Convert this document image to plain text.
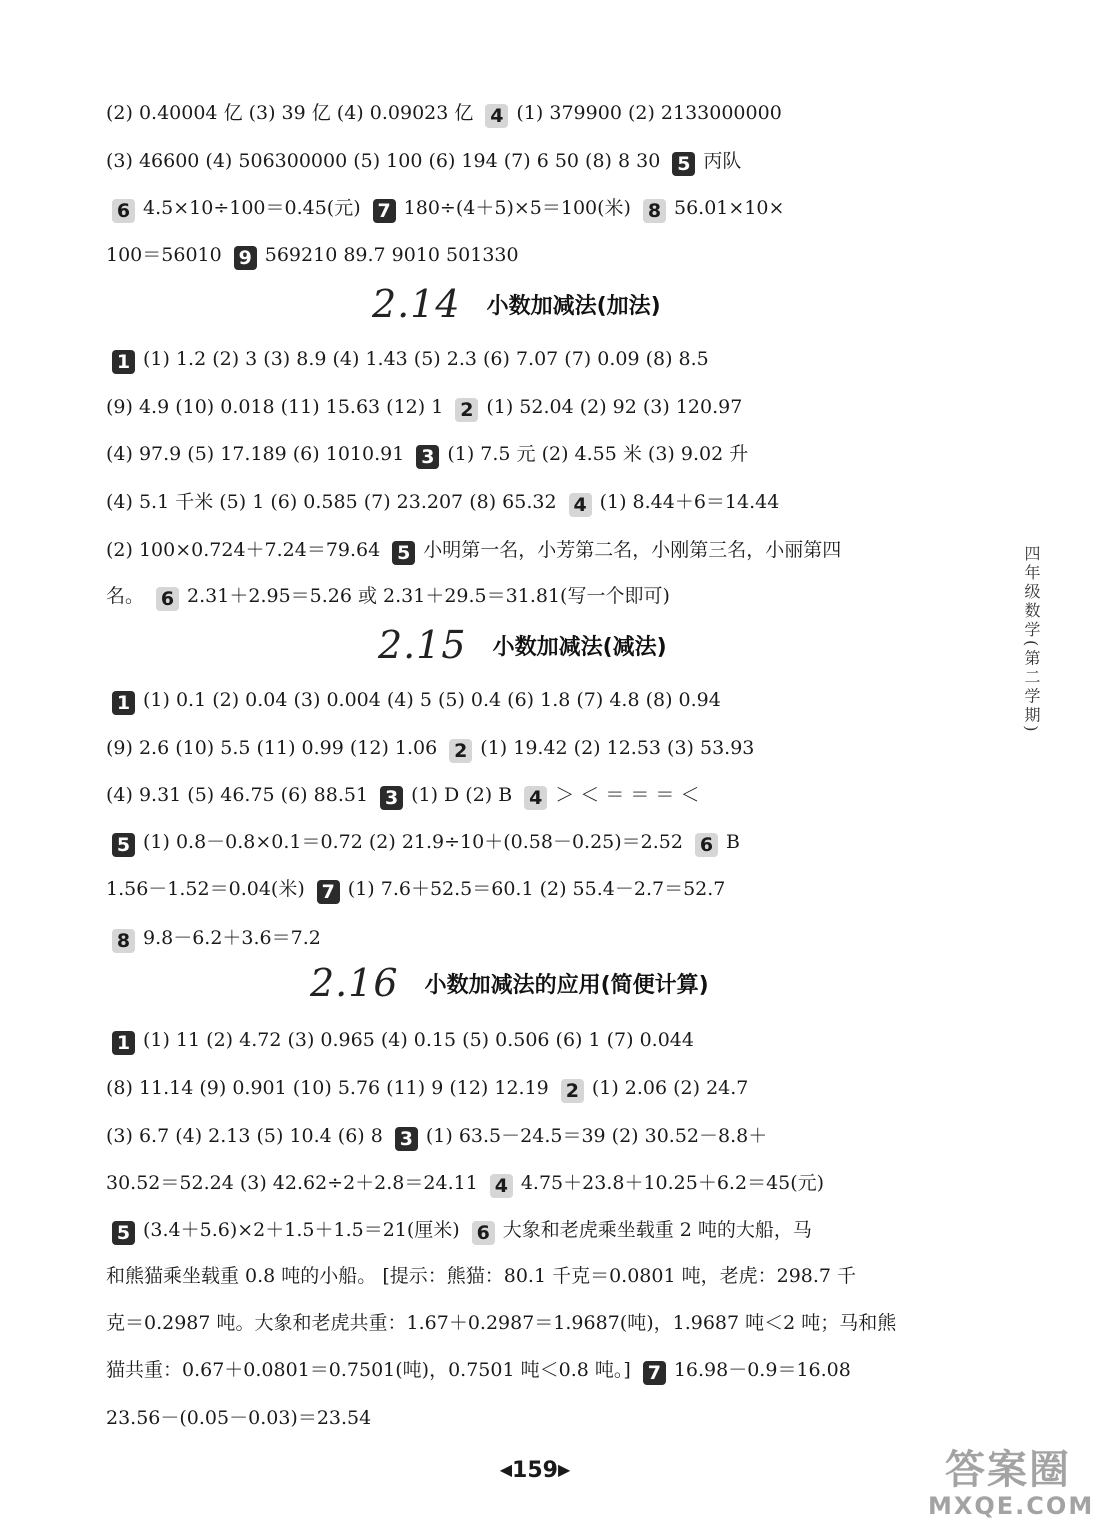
2.14 小数加减法(加法)
2.15 小数加减法(减法)
2.16 小数加减法的应用(简便计算)
(2) 0.40004 亿 (3) 39 亿 (4) 0.09023 亿 4 (1) 379900 (2) 2133000000
(3) 46600 (4) 506300000 (5) 100 (6) 194 (7) 6 50 (8) 8 30 5 丙队
6 4.5×10÷100＝0.45(元) 7 180÷(4＋5)×5＝100(米) 8 56.01×10×
100＝56010 9 569210 89.7 9010 501330
1 (1) 1.2 (2) 3 (3) 8.9 (4) 1.43 (5) 2.3 (6) 7.07 (7) 0.09 (8) 8.5
(9) 4.9 (10) 0.018 (11) 15.63 (12) 1 2 (1) 52.04 (2) 92 (3) 120.97
(4) 97.9 (5) 17.189 (6) 1010.91 3 (1) 7.5 元 (2) 4.55 米 (3) 9.02 升
(4) 5.1 千米 (5) 1 (6) 0.585 (7) 23.207 (8) 65.32 4 (1) 8.44＋6＝14.44
(2) 100×0.724＋7.24＝79.64 5 小明第一名，小芳第二名，小刚第三名，小丽第四
名。 6 2.31＋2.95＝5.26 或 2.31＋29.5＝31.81(写一个即可)
1 (1) 0.1 (2) 0.04 (3) 0.004 (4) 5 (5) 0.4 (6) 1.8 (7) 4.8 (8) 0.94
(9) 2.6 (10) 5.5 (11) 0.99 (12) 1.06 2 (1) 19.42 (2) 12.53 (3) 53.93
(4) 9.31 (5) 46.75 (6) 88.51 3 (1) D (2) B 4 ＞ ＜ ＝ ＝ ＝ ＜
5 (1) 0.8－0.8×0.1＝0.72 (2) 21.9÷10＋(0.58－0.25)＝2.52 6 B
1.56－1.52＝0.04(米) 7 (1) 7.6＋52.5＝60.1 (2) 55.4－2.7＝52.7
8 9.8－6.2＋3.6＝7.2
1 (1) 11 (2) 4.72 (3) 0.965 (4) 0.15 (5) 0.506 (6) 1 (7) 0.044
(8) 11.14 (9) 0.901 (10) 5.76 (11) 9 (12) 12.19 2 (1) 2.06 (2) 24.7
(3) 6.7 (4) 2.13 (5) 10.4 (6) 8 3 (1) 63.5－24.5＝39 (2) 30.52－8.8＋
30.52＝52.24 (3) 42.62÷2＋2.8＝24.11 4 4.75＋23.8＋10.25＋6.2＝45(元)
5 (3.4＋5.6)×2＋1.5＋1.5＝21(厘米) 6 大象和老虎乘坐载重 2 吨的大船，马
和熊猫乘坐载重 0.8 吨的小船。 [提示：熊猫：80.1 千克＝0.0801 吨，老虎：298.7 千
克＝0.2987 吨。大象和老虎共重：1.67＋0.2987＝1.9687(吨)，1.9687 吨＜2 吨；马和熊
猫共重：0.67＋0.0801＝0.7501(吨)，0.7501 吨＜0.8 吨。] 7 16.98－0.9＝16.08
23.56－(0.05－0.03)＝23.54
四年级数学(第二学期)
◀159▶	答案圈
MXQE.COM
